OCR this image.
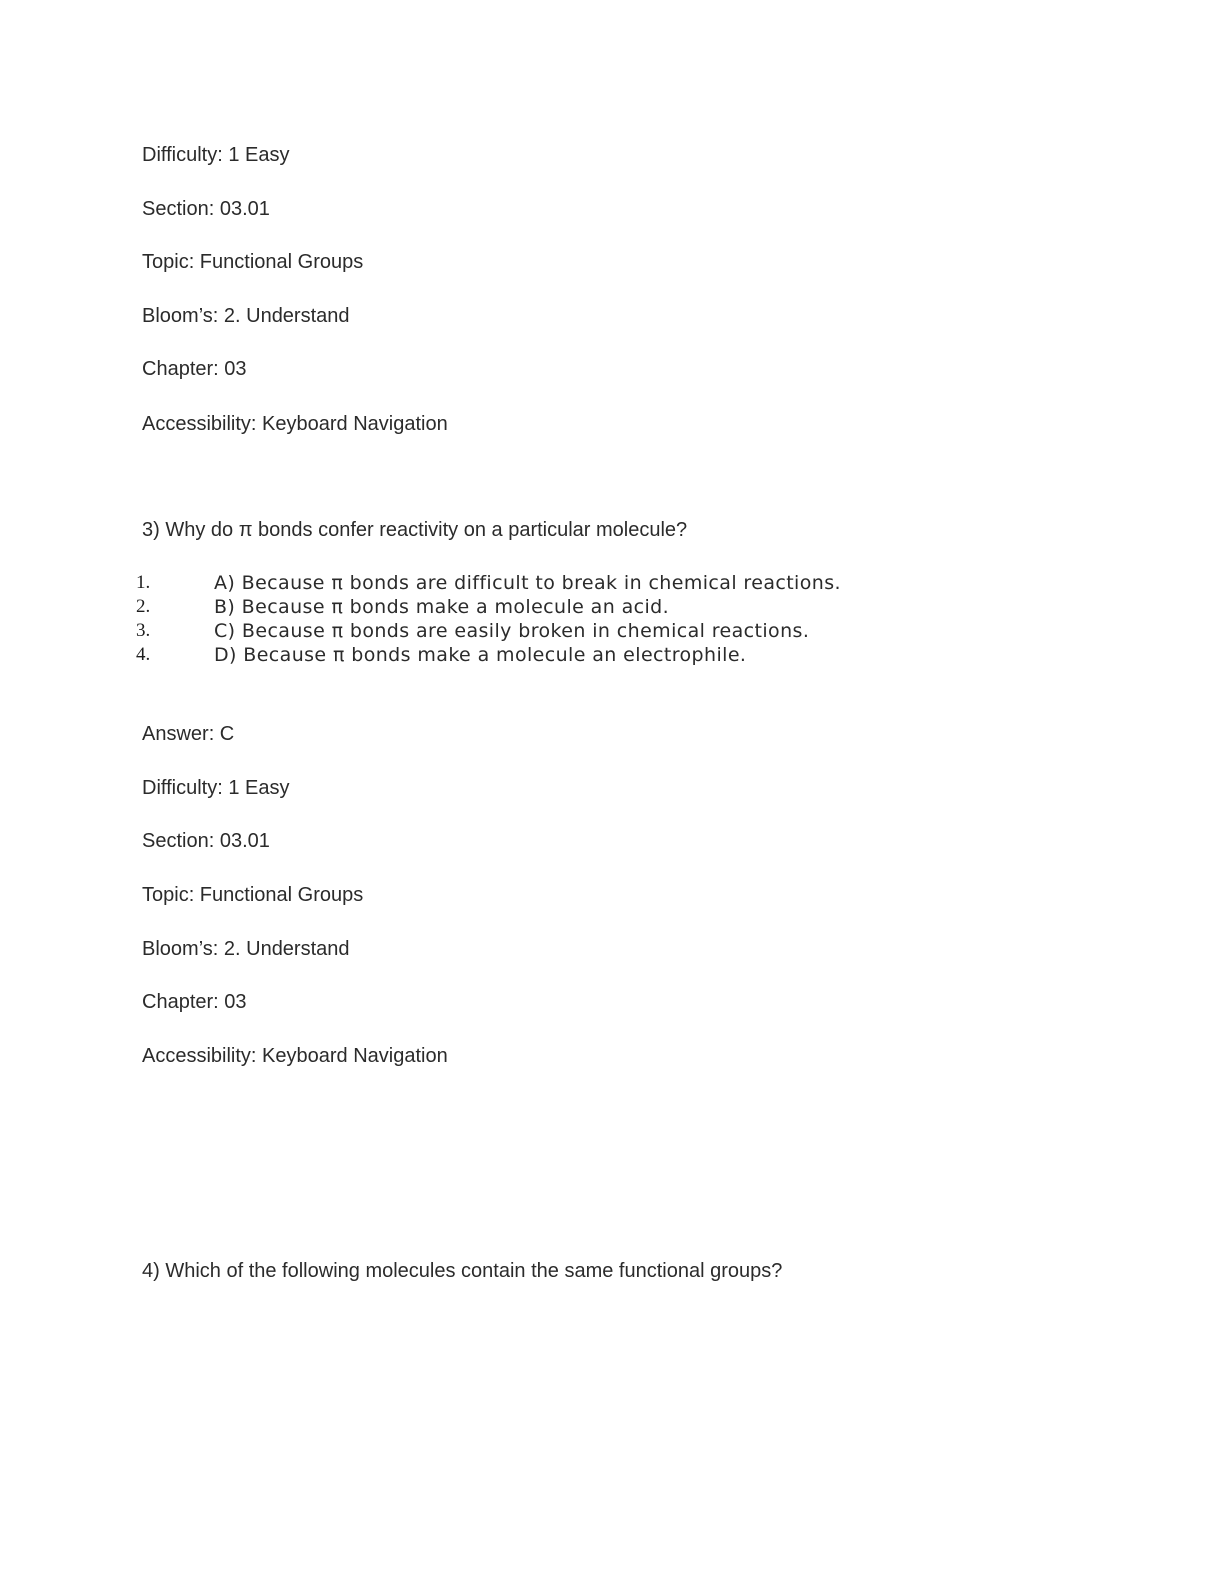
Difficulty: 1 Easy
Section: 03.01
Topic: Functional Groups
Bloom’s: 2. Understand
Chapter: 03
Accessibility: Keyboard Navigation
3) Why do π bonds confer reactivity on a particular molecule?
1.	A) Because π bonds are difficult to break in chemical reactions.
2.	B) Because π bonds make a molecule an acid.
3.	C) Because π bonds are easily broken in chemical reactions.
4.	D) Because π bonds make a molecule an electrophile.
Answer: C
Difficulty: 1 Easy
Section: 03.01
Topic: Functional Groups
Bloom’s: 2. Understand
Chapter: 03
Accessibility: Keyboard Navigation
4) Which of the following molecules contain the same functional groups?
